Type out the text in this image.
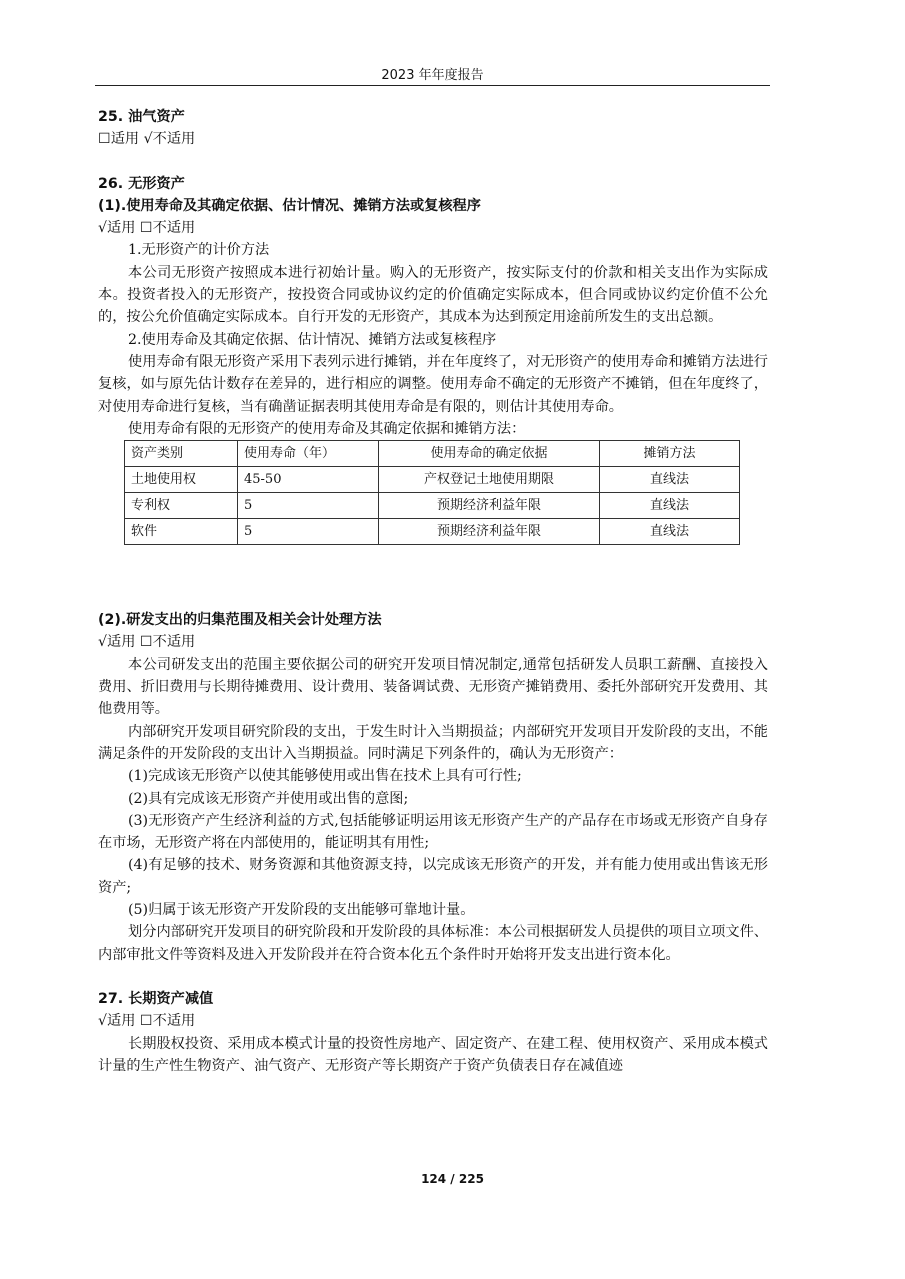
2023 年年度报告
25. 油气资产
☐适用 √不适用
26. 无形资产
(1).使用寿命及其确定依据、估计情况、摊销方法或复核程序
√适用 ☐不适用
1.无形资产的计价方法
本公司无形资产按照成本进行初始计量。购入的无形资产，按实际支付的价款和相关支出作为实际成本。投资者投入的无形资产，按投资合同或协议约定的价值确定实际成本，但合同或协议约定价值不公允的，按公允价值确定实际成本。自行开发的无形资产，其成本为达到预定用途前所发生的支出总额。
2.使用寿命及其确定依据、估计情况、摊销方法或复核程序
使用寿命有限无形资产采用下表列示进行摊销，并在年度终了，对无形资产的使用寿命和摊销方法进行复核，如与原先估计数存在差异的，进行相应的调整。使用寿命不确定的无形资产不摊销，但在年度终了，对使用寿命进行复核，当有确凿证据表明其使用寿命是有限的，则估计其使用寿命。
使用寿命有限的无形资产的使用寿命及其确定依据和摊销方法：
资产类别	使用寿命（年）	使用寿命的确定依据	摊销方法
土地使用权	45-50	产权登记土地使用期限	直线法
专利权	5	预期经济利益年限	直线法
软件	5	预期经济利益年限	直线法
(2).研发支出的归集范围及相关会计处理方法
√适用 ☐不适用
本公司研发支出的范围主要依据公司的研究开发项目情况制定,通常包括研发人员职工薪酬、直接投入费用、折旧费用与长期待摊费用、设计费用、装备调试费、无形资产摊销费用、委托外部研究开发费用、其他费用等。
内部研究开发项目研究阶段的支出，于发生时计入当期损益；内部研究开发项目开发阶段的支出，不能满足条件的开发阶段的支出计入当期损益。同时满足下列条件的，确认为无形资产：
(1)完成该无形资产以使其能够使用或出售在技术上具有可行性;
(2)具有完成该无形资产并使用或出售的意图;
(3)无形资产产生经济利益的方式,包括能够证明运用该无形资产生产的产品存在市场或无形资产自身存在市场，无形资产将在内部使用的，能证明其有用性;
(4)有足够的技术、财务资源和其他资源支持，以完成该无形资产的开发，并有能力使用或出售该无形资产;
(5)归属于该无形资产开发阶段的支出能够可靠地计量。
划分内部研究开发项目的研究阶段和开发阶段的具体标准：本公司根据研发人员提供的项目立项文件、内部审批文件等资料及进入开发阶段并在符合资本化五个条件时开始将开发支出进行资本化。
27. 长期资产减值
√适用 ☐不适用
长期股权投资、采用成本模式计量的投资性房地产、固定资产、在建工程、使用权资产、采用成本模式计量的生产性生物资产、油气资产、无形资产等长期资产于资产负债表日存在减值迹
124 / 225
